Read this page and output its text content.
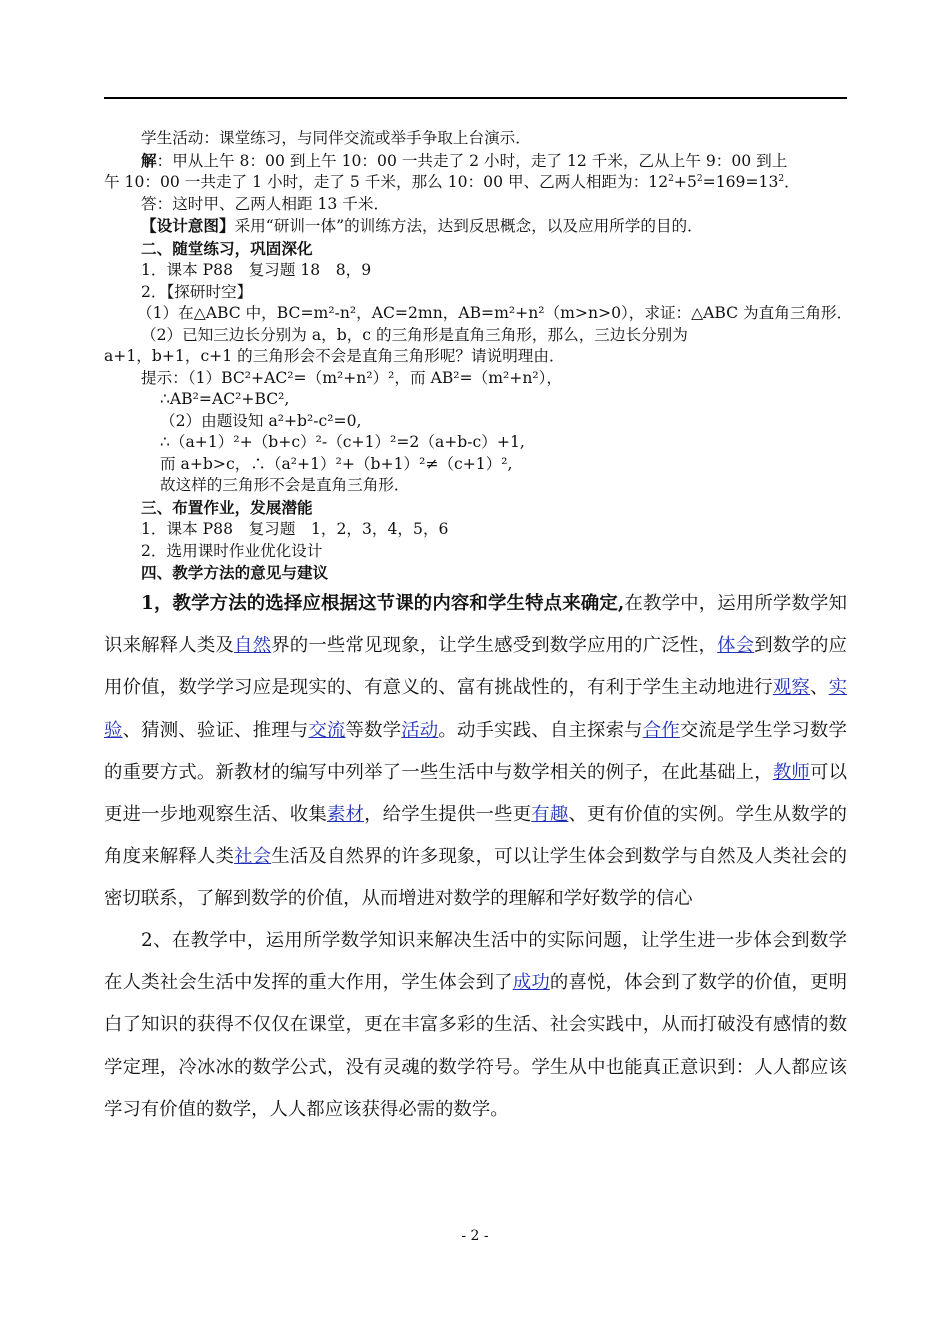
学生活动：课堂练习，与同伴交流或举手争取上台演示．
解：甲从上午 8：00 到上午 10：00 一共走了 2 小时，走了 12 千米，乙从上午 9：00 到上
午 10：00 一共走了 1 小时，走了 5 千米，那么 10：00 甲、乙两人相距为：$12^2+5^2=169=13^2$．
答：这时甲、乙两人相距 13 千米．
【设计意图】采用“研训一体”的训练方法，达到反思概念，以及应用所学的目的．
二、随堂练习，巩固深化
1．课本 P88　复习题 18　8，9
2．【探研时空】
（1）在△ABC 中，BC=m²-n²，AC=2mn，AB=m²+n²（m>n>0），求证：△ABC 为直角三角形．
（2）已知三边长分别为 a，b，c 的三角形是直角三角形，那么，三边长分别为
a+1，b+1，c+1 的三角形会不会是直角三角形呢？请说明理由．
提示：（1）BC²+AC²=（m²+n²）²，而 AB²=（m²+n²），
∴AB²=AC²+BC²,
（2）由题设知 a²+b²-c²=0,
∴（a+1）²+（b+c）²-（c+1）²=2（a+b-c）+1,
而 a+b>c，∴（a²+1）²+（b+1）²≠（c+1）²,
故这样的三角形不会是直角三角形．
三、布置作业，发展潜能
1．课本 P88　复习题　1，2，3，4，5，6
2．选用课时作业优化设计
四、教学方法的意见与建议
1，教学方法的选择应根据这节课的内容和学生特点来确定,在教学中，运用所学数学知识来解释人类及自然界的一些常见现象，让学生感受到数学应用的广泛性，体会到数学的应用价值，数学学习应是现实的、有意义的、富有挑战性的，有利于学生主动地进行观察、实验、猜测、验证、推理与交流等数学活动。动手实践、自主探索与合作交流是学生学习数学的重要方式。新教材的编写中列举了一些生活中与数学相关的例子，在此基础上，教师可以更进一步地观察生活、收集素材，给学生提供一些更有趣、更有价值的实例。学生从数学的角度来解释人类社会生活及自然界的许多现象，可以让学生体会到数学与自然及人类社会的密切联系，了解到数学的价值，从而增进对数学的理解和学好数学的信心
2、在教学中，运用所学数学知识来解决生活中的实际问题，让学生进一步体会到数学在人类社会生活中发挥的重大作用，学生体会到了成功的喜悦，体会到了数学的价值，更明白了知识的获得不仅仅在课堂，更在丰富多彩的生活、社会实践中，从而打破没有感情的数学定理，冷冰冰的数学公式，没有灵魂的数学符号。学生从中也能真正意识到：人人都应该学习有价值的数学，人人都应该获得必需的数学。
- 2 -
